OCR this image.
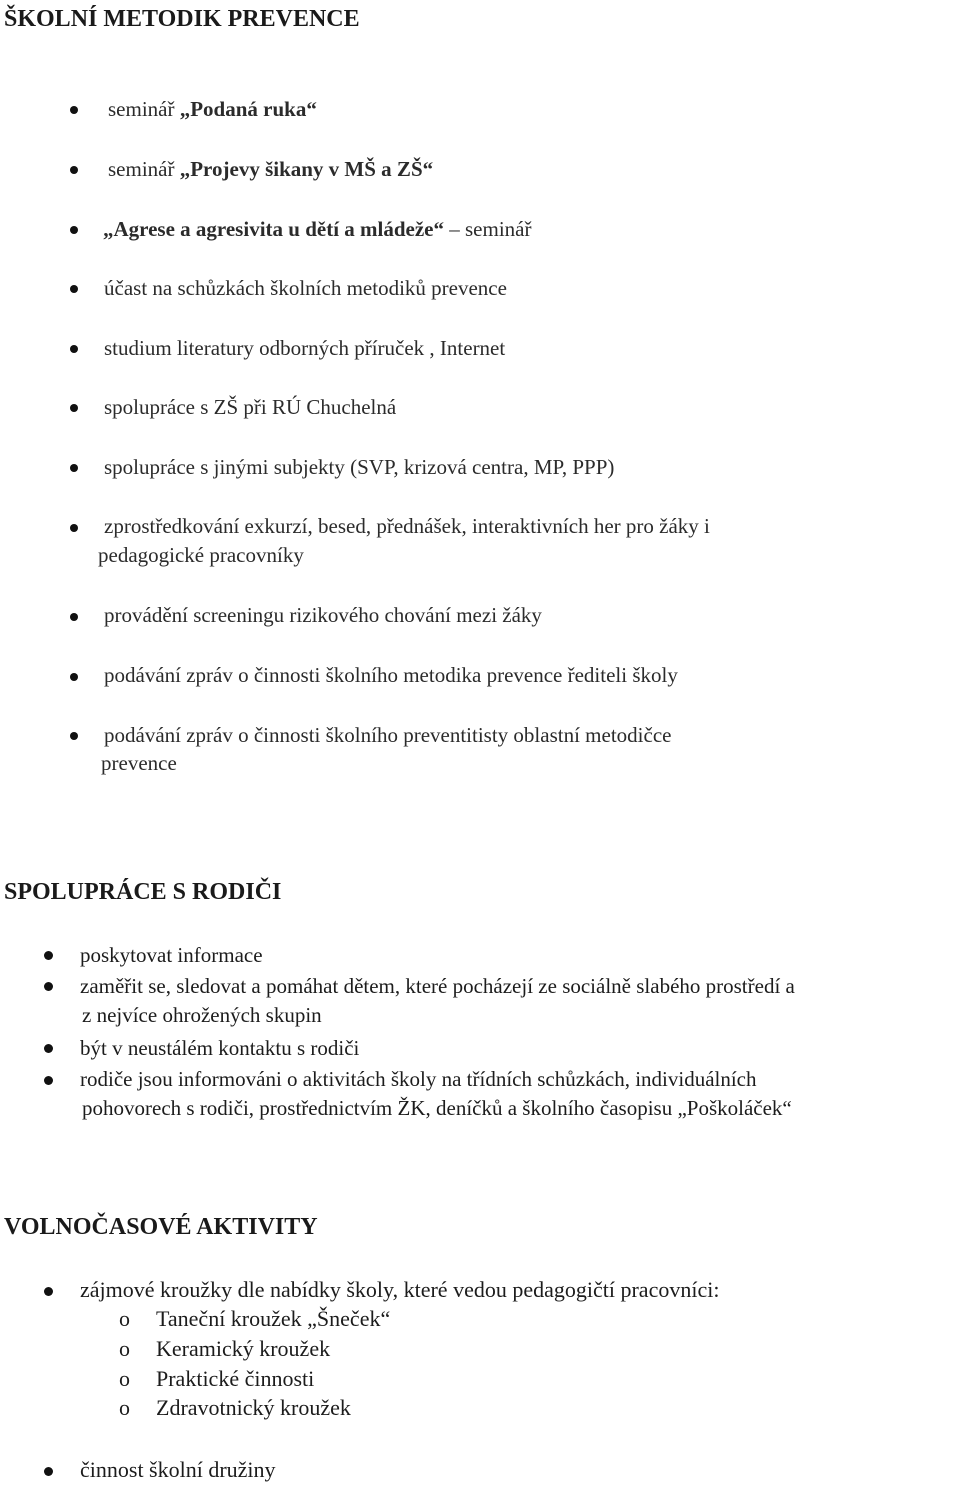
ŠKOLNÍ METODIK PREVENCE
seminář „Podaná ruka“
seminář „Projevy šikany v MŠ a ZŠ“
„Agrese a agresivita u dětí a mládeže“ – seminář
účast na schůzkách školních metodiků prevence
studium literatury odborných příruček , Internet
spolupráce s ZŠ při RÚ Chuchelná
spolupráce s jinými subjekty (SVP, krizová centra, MP, PPP)
zprostředkování exkurzí, besed, přednášek, interaktivních her pro žáky i
pedagogické pracovníky
provádění screeningu rizikového chování mezi žáky
podávání zpráv o činnosti školního metodika prevence řediteli školy
podávání zpráv o činnosti školního preventitisty oblastní metodičce
prevence
SPOLUPRÁCE S RODIČI
poskytovat informace
zaměřit se, sledovat a pomáhat dětem, které pocházejí ze sociálně slabého prostředí a
z nejvíce ohrožených skupin
být v neustálém kontaktu s rodiči
rodiče jsou informováni o aktivitách školy na třídních schůzkách, individuálních
pohovorech s rodiči, prostřednictvím ŽK, deníčků a školního časopisu „Poškoláček“
VOLNOČASOVÉ AKTIVITY
zájmové kroužky dle nabídky školy, které vedou pedagogičtí pracovníci:
o Taneční kroužek „Šneček“
o Keramický kroužek
o Praktické činnosti
o Zdravotnický kroužek
činnost školní družiny
